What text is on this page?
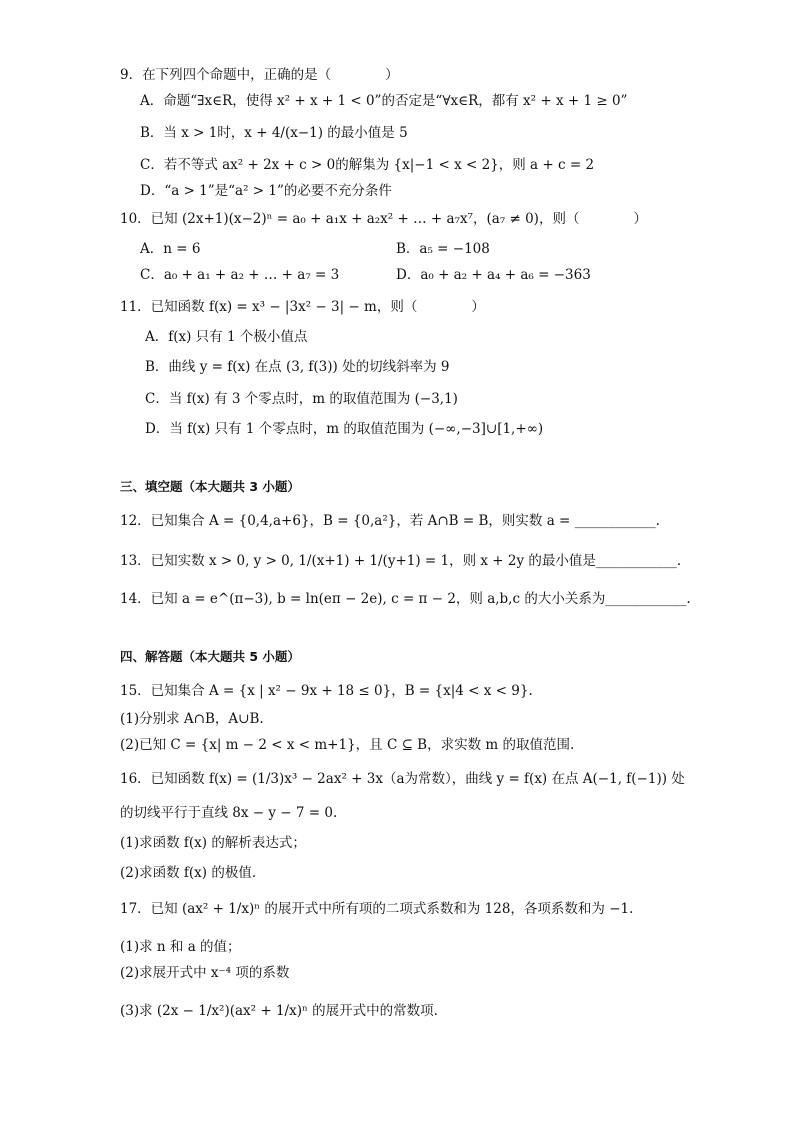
9．在下列四个命题中，正确的是（　　　　）
A．命题“∃x∈R，使得 x² + x + 1 < 0”的否定是“∀x∈R，都有 x² + x + 1 ≥ 0”
B．当 x > 1时，x + 4/(x−1) 的最小值是 5
C．若不等式 ax² + 2x + c > 0的解集为 {x|−1 < x < 2}，则 a + c = 2
D．“a > 1”是“a² > 1”的必要不充分条件
10．已知 (2x+1)(x−2)ⁿ = a₀ + a₁x + a₂x² + … + a₇x⁷，(a₇ ≠ 0)，则（　　　　）
A．n = 6	B．a₅ = −108
C．a₀ + a₁ + a₂ + … + a₇ = 3	D．a₀ + a₂ + a₄ + a₆ = −363
11．已知函数 f(x) = x³ − |3x² − 3| − m，则（　　　　）
A．f(x) 只有 1 个极小值点
B．曲线 y = f(x) 在点 (3, f(3)) 处的切线斜率为 9
C．当 f(x) 有 3 个零点时，m 的取值范围为 (−3,1)
D．当 f(x) 只有 1 个零点时，m 的取值范围为 (−∞,−3]∪[1,+∞)
三、填空题（本大题共 3 小题）
12．已知集合 A = {0,4,a+6}，B = {0,a²}，若 A∩B = B，则实数 a = ____________.
13．已知实数 x > 0, y > 0, 1/(x+1) + 1/(y+1) = 1，则 x + 2y 的最小值是____________.
14．已知 a = e^(π−3), b = ln(eπ − 2e), c = π − 2，则 a,b,c 的大小关系为____________.
四、解答题（本大题共 5 小题）
15．已知集合 A = {x | x² − 9x + 18 ≤ 0}，B = {x|4 < x < 9}.
(1)分别求 A∩B，A∪B.
(2)已知 C = {x| m − 2 < x < m+1}，且 C ⊆ B，求实数 m 的取值范围.
16．已知函数 f(x) = (1/3)x³ − 2ax² + 3x（a为常数），曲线 y = f(x) 在点 A(−1, f(−1)) 处
的切线平行于直线 8x − y − 7 = 0.
(1)求函数 f(x) 的解析表达式；
(2)求函数 f(x) 的极值.
17．已知 (ax² + 1/x)ⁿ 的展开式中所有项的二项式系数和为 128，各项系数和为 −1.
(1)求 n 和 a 的值；
(2)求展开式中 x⁻⁴ 项的系数
(3)求 (2x − 1/x²)(ax² + 1/x)ⁿ 的展开式中的常数项.
